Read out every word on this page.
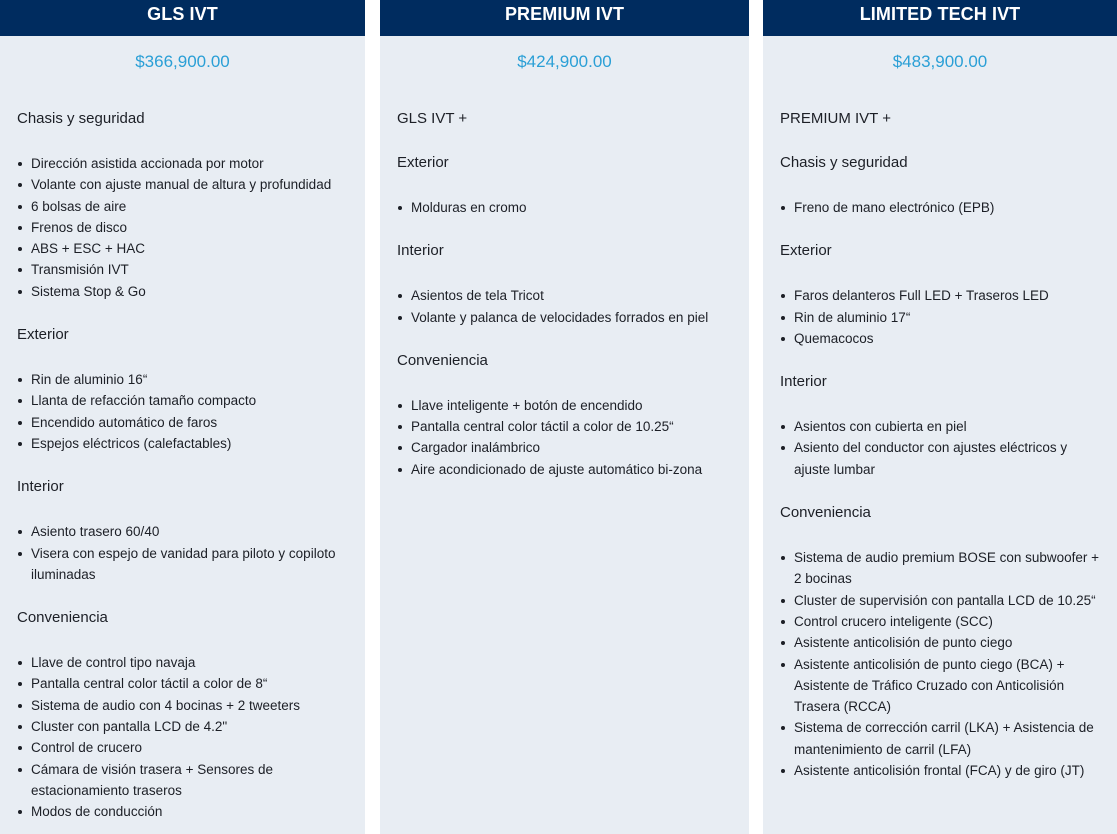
GLS IVT
$366,900.00
Chasis y seguridad
Dirección asistida accionada por motor
Volante con ajuste manual de altura y profundidad
6 bolsas de aire
Frenos de disco
ABS + ESC + HAC
Transmisión IVT
Sistema Stop & Go
Exterior
Rin de aluminio 16“
Llanta de refacción tamaño compacto
Encendido automático de faros
Espejos eléctricos (calefactables)
Interior
Asiento trasero 60/40
Visera con espejo de vanidad para piloto y copiloto iluminadas
Conveniencia
Llave de control tipo navaja
Pantalla central color táctil a color de 8“
Sistema de audio con 4 bocinas + 2 tweeters
Cluster con pantalla LCD de 4.2"
Control de crucero
Cámara de visión trasera + Sensores de estacionamiento traseros
Modos de conducción
PREMIUM IVT
$424,900.00
GLS IVT +
Exterior
Molduras en cromo
Interior
Asientos de tela Tricot
Volante y palanca de velocidades forrados en piel
Conveniencia
Llave inteligente + botón de encendido
Pantalla central color táctil a color de 10.25“
Cargador inalámbrico
Aire acondicionado de ajuste automático bi-zona
LIMITED TECH IVT
$483,900.00
PREMIUM IVT +
Chasis y seguridad
Freno de mano electrónico (EPB)
Exterior
Faros delanteros Full LED + Traseros LED
Rin de aluminio 17“
Quemacocos
Interior
Asientos con cubierta en piel
Asiento del conductor con ajustes eléctricos y ajuste lumbar
Conveniencia
Sistema de audio premium BOSE con subwoofer + 2 bocinas
Cluster de supervisión con pantalla LCD de 10.25“
Control crucero inteligente (SCC)
Asistente anticolisión de punto ciego
Asistente anticolisión de punto ciego (BCA) + Asistente de Tráfico Cruzado con Anticolisión Trasera (RCCA)
Sistema de corrección carril (LKA) + Asistencia de mantenimiento de carril (LFA)
Asistente anticolisión frontal (FCA) y de giro (JT)
